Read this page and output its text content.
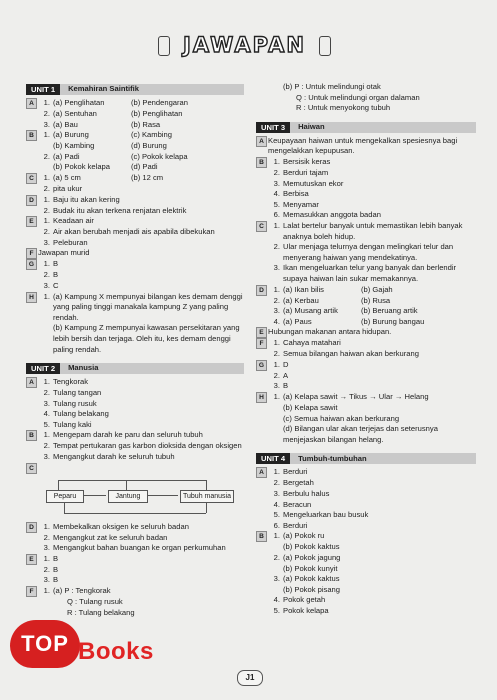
JAWAPAN
UNIT 1	Kemahiran Saintifik
A	1. (a) Penglihatan	(b) Pendengaran
2. (a) Sentuhan	(b) Penglihatan
3. (a) Bau	(b) Rasa
B	1. (a) Burung	(c) Kambing
(b) Kambing	(d) Burung
2. (a) Padi	(c) Pokok kelapa
(b) Pokok kelapa	(d) Padi
C	1. (a) 5 cm	(b) 12 cm
2. pita ukur
D	1. Baju itu akan kering
2. Budak itu akan terkena renjatan elektrik
E	1. Keadaan air
2. Air akan berubah menjadi ais apabila dibekukan
3. Peleburan
F Jawapan murid
G	1. B
2. B
3. C
H	1. (a) Kampung X mempunyai bilangan kes demam denggi yang paling tinggi manakala kampung Z yang paling rendah.
(b) Kampung Z mempunyai kawasan persekitaran yang lebih bersih dan terjaga. Oleh itu, kes demam denggi paling rendah.
UNIT 2	Manusia
A	1. Tengkorak
2. Tulang tangan
3. Tulang rusuk
4. Tulang belakang
5. Tulang kaki
B	1. Mengepam darah ke paru dan seluruh tubuh
2. Tempat pertukaran gas karbon dioksida dengan oksigen
3. Mengangkut darah ke seluruh tubuh
C
Peparu	Jantung	Tubuh manusia
D	1. Membekalkan oksigen ke seluruh badan
2. Mengangkut zat ke seluruh badan
3. Mengangkut bahan buangan ke organ perkumuhan
E	1. B
2. B
3. B
F	1. (a) P : Tengkorak
Q : Tulang rusuk
R : Tulang belakang
(b) P : Untuk melindungi otak
Q : Untuk melindungi organ dalaman
R : Untuk menyokong tubuh
UNIT 3	Haiwan
A Keupayaan haiwan untuk mengekalkan spesiesnya bagi mengelakkan kepupusan.
B	1. Bersisik keras
2. Berduri tajam
3. Memutuskan ekor
4. Berbisa
5. Menyamar
6. Memasukkan anggota badan
C	1. Lalat bertelur banyak untuk memastikan lebih banyak anaknya boleh hidup.
2. Ular menjaga telurnya dengan melingkari telur dan menyerang haiwan yang mendekatinya.
3. Ikan mengeluarkan telur yang banyak dan berlendir supaya haiwan lain sukar memakannya.
D	1. (a) Ikan bilis	(b) Gajah
2. (a) Kerbau	(b) Rusa
3. (a) Musang artik	(b) Beruang artik
4. (a) Paus	(b) Burung bangau
E Hubungan makanan antara hidupan.
F	1. Cahaya matahari
2. Semua bilangan haiwan akan berkurang
G	1. D
2. A
3. B
H	1. (a) Kelapa sawit → Tikus → Ular → Helang
(b) Kelapa sawit
(c) Semua haiwan akan berkurang
(d) Bilangan ular akan terjejas dan seterusnya menjejaskan bilangan helang.
UNIT 4	Tumbuh-tumbuhan
A	1. Berduri
2. Bergetah
3. Berbulu halus
4. Beracun
5. Mengeluarkan bau busuk
6. Berduri
B	1. (a) Pokok ru
(b) Pokok kaktus
2. (a) Pokok jagung
(b) Pokok kunyit
3. (a) Pokok kaktus
(b) Pokok pisang
4. Pokok getah
5. Pokok kelapa
TOP Books
J1
